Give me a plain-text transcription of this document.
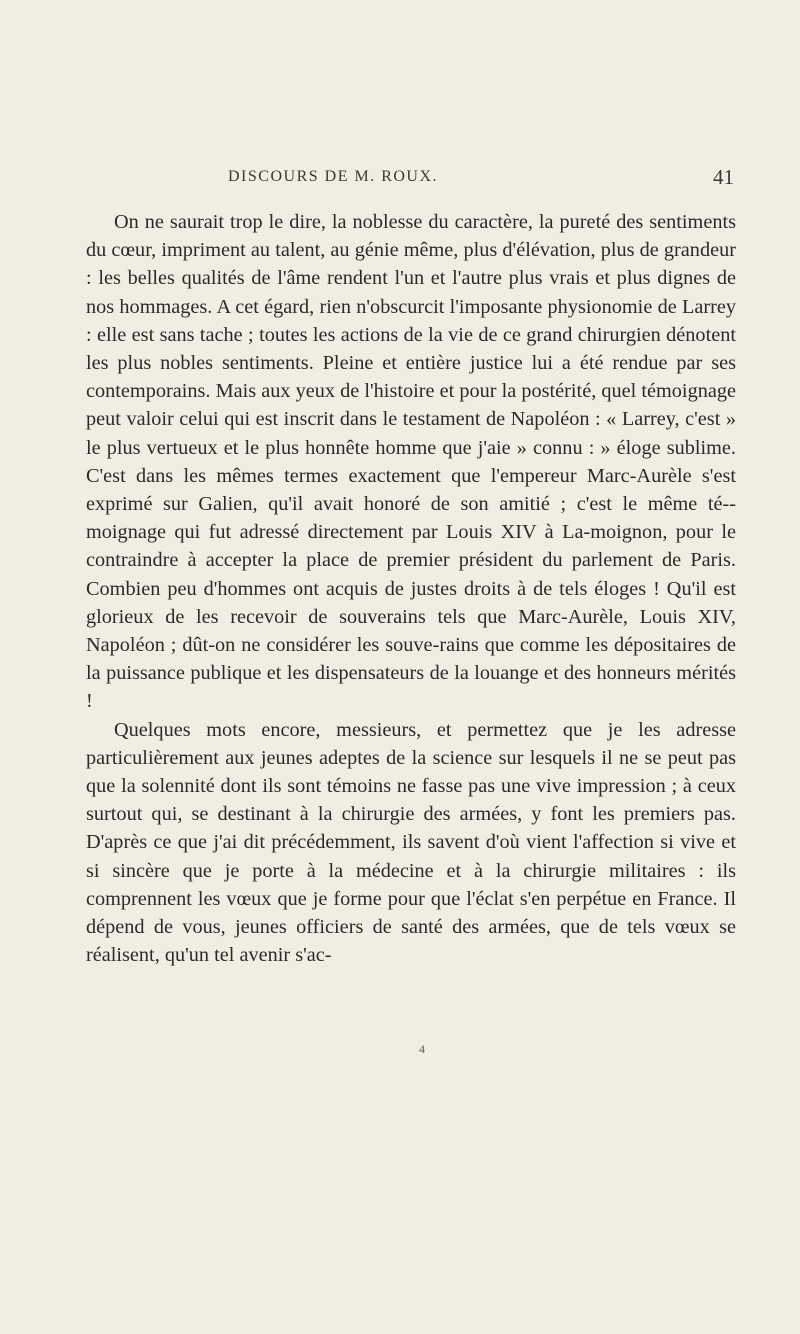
DISCOURS DE M. ROUX.	41

On ne saurait trop le dire, la noblesse du caractère, la pureté des sentiments du cœur, impriment au talent, au génie même, plus d'élévation, plus de grandeur : les belles qualités de l'âme rendent l'un et l'autre plus vrais et plus dignes de nos hommages. A cet égard, rien n'obscurcit l'imposante physionomie de Larrey : elle est sans tache ; toutes les actions de la vie de ce grand chirurgien dénotent les plus nobles sentiments. Pleine et entière justice lui a été rendue par ses contemporains. Mais aux yeux de l'histoire et pour la postérité, quel témoignage peut valoir celui qui est inscrit dans le testament de Napoléon : « Larrey, c'est » le plus vertueux et le plus honnête homme que j'aie » connu : » éloge sublime. C'est dans les mêmes termes exactement que l'empereur Marc-Aurèle s'est exprimé sur Galien, qu'il avait honoré de son amitié ; c'est le même té-moignage qui fut adressé directement par Louis XIV à La-moignon, pour le contraindre à accepter la place de premier président du parlement de Paris. Combien peu d'hommes ont acquis de justes droits à de tels éloges ! Qu'il est glorieux de les recevoir de souverains tels que Marc-Aurèle, Louis XIV, Napoléon ; dût-on ne considérer les souve-rains que comme les dépositaires de la puissance publique et les dispensateurs de la louange et des honneurs mérités !

Quelques mots encore, messieurs, et permettez que je les adresse particulièrement aux jeunes adeptes de la science sur lesquels il ne se peut pas que la solennité dont ils sont témoins ne fasse pas une vive impression ; à ceux surtout qui, se destinant à la chirurgie des armées, y font les premiers pas. D'après ce que j'ai dit précédemment, ils savent d'où vient l'affection si vive et si sincère que je porte à la médecine et à la chirurgie militaires : ils comprennent les vœux que je forme pour que l'éclat s'en perpétue en France. Il dépend de vous, jeunes officiers de santé des armées, que de tels vœux se réalisent, qu'un tel avenir s'ac-

4
